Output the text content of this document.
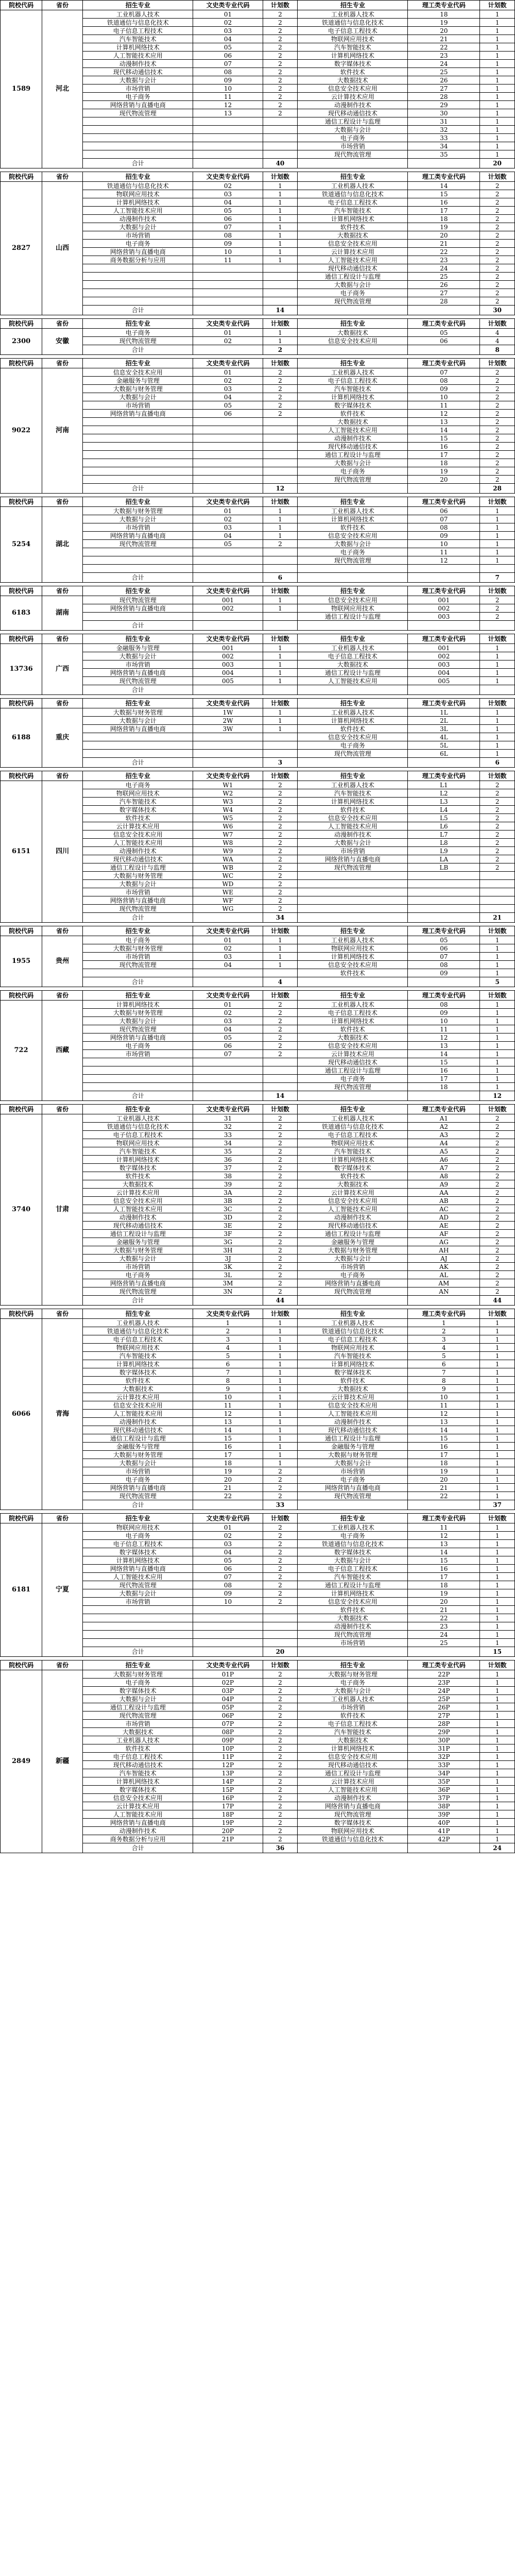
院校代码	省份	招生专业	文史类专业代码	计划数	招生专业	理工类专业代码	计划数
1589	河北	工业机器人技术	01	2	工业机器人技术	18	1
		铁道通信与信息化技术	02	2	铁道通信与信息化技术	19	1
		电子信息工程技术	03	2	电子信息工程技术	20	1
		汽车智能技术	04	2	物联网应用技术	21	1
		计算机网络技术	05	2	汽车智能技术	22	1
		人工智能技术应用	06	2	计算机网络技术	23	1
		动漫制作技术	07	2	数字媒体技术	24	1
		现代移动通信技术	08	2	软件技术	25	1
		大数据与会计	09	2	大数据技术	26	1
		市场营销	10	2	信息安全技术应用	27	1
		电子商务	11	2	云计算技术应用	28	1
		网络营销与直播电商	12	2	动漫制作技术	29	1
		现代物流管理	13	2	现代移动通信技术	30	1
					通信工程设计与监理	31	1
					大数据与会计	32	1
					电子商务	33	1
					市场营销	34	1
					现代物流管理	35	1
		合计		40			20
院校代码	省份	招生专业	文史类专业代码	计划数	招生专业	理工类专业代码	计划数
2827	山西	铁道通信与信息化技术	02	1	工业机器人技术	14	2
		物联网应用技术	03	1	铁道通信与信息化技术	15	2
		计算机网络技术	04	1	电子信息工程技术	16	2
		人工智能技术应用	05	1	汽车智能技术	17	2
		动漫制作技术	06	1	计算机网络技术	18	2
		大数据与会计	07	1	软件技术	19	2
		市场营销	08	1	大数据技术	20	2
		电子商务	09	1	信息安全技术应用	21	2
		网络营销与直播电商	10	1	云计算技术应用	22	2
		商务数据分析与应用	11	1	人工智能技术应用	23	2
					现代移动通信技术	24	2
					通信工程设计与监理	25	2
					大数据与会计	26	2
					电子商务	27	2
					现代物流管理	28	2
		合计		14			30
院校代码	省份	招生专业	文史类专业代码	计划数	招生专业	理工类专业代码	计划数
2300	安徽	电子商务	01	1	大数据技术	05	4
		现代物流管理	02	1	信息安全技术应用	06	4
		合计		2			8
院校代码	省份	招生专业	文史类专业代码	计划数	招生专业	理工类专业代码	计划数
9022	河南	信息安全技术应用	01	2	工业机器人技术	07	2
		金融服务与管理	02	2	电子信息工程技术	08	2
		大数据与财务管理	03	2	汽车智能技术	09	2
		大数据与会计	04	2	计算机网络技术	10	2
		市场营销	05	2	数字媒体技术	11	2
		网络营销与直播电商	06	2	软件技术	12	2
					大数据技术	13	2
					人工智能技术应用	14	2
					动漫制作技术	15	2
					现代移动通信技术	16	2
					通信工程设计与监理	17	2
					大数据与会计	18	2
					电子商务	19	2
					现代物流管理	20	2
		合计		12			28
院校代码	省份	招生专业	文史类专业代码	计划数	招生专业	理工类专业代码	计划数
5254	湖北	大数据与财务管理	01	1	工业机器人技术	06	1
		大数据与会计	02	1	计算机网络技术	07	1
		市场营销	03	1	软件技术	08	1
		网络营销与直播电商	04	1	信息安全技术应用	09	1
		现代物流管理	05	2	大数据与会计	10	1
					电子商务	11	1
					现代物流管理	12	1

		合计		6			7
院校代码	省份	招生专业	文史类专业代码	计划数	招生专业	理工类专业代码	计划数
6183	湖南	现代物流管理	001	1	信息安全技术应用	001	2
		网络营销与直播电商	002	1	物联网应用技术	002	2
					通信工程设计与监理	003	2
		合计					
院校代码	省份	招生专业	文史类专业代码	计划数	招生专业	理工类专业代码	计划数
13736	广西	金融服务与管理	001	1	工业机器人技术	001	1
		大数据与会计	002	1	电子信息工程技术	002	1
		市场营销	003	1	大数据技术	003	1
		网络营销与直播电商	004	1	通信工程设计与监理	004	1
		现代物流管理	005	1	人工智能技术应用	005	1
		合计					
院校代码	省份	招生专业	文史类专业代码	计划数	招生专业	理工类专业代码	计划数
6188	重庆	大数据与财务管理	1W	1	工业机器人技术	1L	1
		大数据与会计	2W	1	计算机网络技术	2L	1
		网络营销与直播电商	3W	1	软件技术	3L	1
					信息安全技术应用	4L	1
					电子商务	5L	1
					现代物流管理	6L	1
		合计		3			6
院校代码	省份	招生专业	文史类专业代码	计划数	招生专业	理工类专业代码	计划数
6151	四川	电子商务	W1	2	工业机器人技术	L1	2
		物联网应用技术	W2	2	汽车智能技术	L2	2
		汽车智能技术	W3	2	计算机网络技术	L3	2
		数字媒体技术	W4	2	软件技术	L4	2
		软件技术	W5	2	信息安全技术应用	L5	2
		云计算技术应用	W6	2	人工智能技术应用	L6	2
		信息安全技术应用	W7	2	动漫制作技术	L7	2
		人工智能技术应用	W8	2	大数据与会计	L8	2
		动漫制作技术	W9	2	市场营销	L9	2
		现代移动通信技术	WA	2	网络营销与直播电商	LA	2
		通信工程设计与监理	WB	2	现代物流管理	LB	2
		大数据与财务管理	WC	2			
		大数据与会计	WD	2			
		市场营销	WE	2			
		网络营销与直播电商	WF	2			
		现代物流管理	WG	2			
		合计		34			21
院校代码	省份	招生专业	文史类专业代码	计划数	招生专业	理工类专业代码	计划数
1955	贵州	电子商务	01	1	工业机器人技术	05	1
		大数据与财务管理	02	1	物联网应用技术	06	1
		市场营销	03	1	计算机网络技术	07	1
		现代物流管理	04	1	信息安全技术应用	08	1
					软件技术	09	1
		合计		4			5
院校代码	省份	招生专业	文史类专业代码	计划数	招生专业	理工类专业代码	计划数
722	西藏	计算机网络技术	01	2	工业机器人技术	08	1
		大数据与财务管理	02	2	电子信息工程技术	09	1
		大数据与会计	03	2	计算机网络技术	10	1
		现代物流管理	04	2	软件技术	11	1
		网络营销与直播电商	05	2	大数据技术	12	1
		电子商务	06	2	信息安全技术应用	13	1
		市场营销	07	2	云计算技术应用	14	1
					现代移动通信技术	15	1
					通信工程设计与监理	16	1
					电子商务	17	1
					现代物流管理	18	1
		合计		14			12
院校代码	省份	招生专业	文史类专业代码	计划数	招生专业	理工类专业代码	计划数
3740	甘肃	工业机器人技术	31	2	工业机器人技术	A1	2
		铁道通信与信息化技术	32	2	铁道通信与信息化技术	A2	2
		电子信息工程技术	33	2	电子信息工程技术	A3	2
		物联网应用技术	34	2	物联网应用技术	A4	2
		汽车智能技术	35	2	汽车智能技术	A5	2
		计算机网络技术	36	2	计算机网络技术	A6	2
		数字媒体技术	37	2	数字媒体技术	A7	2
		软件技术	38	2	软件技术	A8	2
		大数据技术	39	2	大数据技术	A9	2
		云计算技术应用	3A	2	云计算技术应用	AA	2
		信息安全技术应用	3B	2	信息安全技术应用	AB	2
		人工智能技术应用	3C	2	人工智能技术应用	AC	2
		动漫制作技术	3D	2	动漫制作技术	AD	2
		现代移动通信技术	3E	2	现代移动通信技术	AE	2
		通信工程设计与监理	3F	2	通信工程设计与监理	AF	2
		金融服务与管理	3G	2	金融服务与管理	AG	2
		大数据与财务管理	3H	2	大数据与财务管理	AH	2
		大数据与会计	3J	2	大数据与会计	AJ	2
		市场营销	3K	2	市场营销	AK	2
		电子商务	3L	2	电子商务	AL	2
		网络营销与直播电商	3M	2	网络营销与直播电商	AM	2
		现代物流管理	3N	2	现代物流管理	AN	2
		合计		44			44
院校代码	省份	招生专业	文史类专业代码	计划数	招生专业	理工类专业代码	计划数
6066	青海	工业机器人技术	1	1	工业机器人技术	1	1
		铁道通信与信息化技术	2	1	铁道通信与信息化技术	2	1
		电子信息工程技术	3	1	电子信息工程技术	3	1
		物联网应用技术	4	1	物联网应用技术	4	1
		汽车智能技术	5	1	汽车智能技术	5	1
		计算机网络技术	6	1	计算机网络技术	6	1
		数字媒体技术	7	1	数字媒体技术	7	1
		软件技术	8	1	软件技术	8	1
		大数据技术	9	1	大数据技术	9	1
		云计算技术应用	10	1	云计算技术应用	10	1
		信息安全技术应用	11	1	信息安全技术应用	11	1
		人工智能技术应用	12	1	人工智能技术应用	12	1
		动漫制作技术	13	1	动漫制作技术	13	1
		现代移动通信技术	14	1	现代移动通信技术	14	1
		通信工程设计与监理	15	1	通信工程设计与监理	15	1
		金融服务与管理	16	1	金融服务与管理	16	1
		大数据与财务管理	17	1	大数据与财务管理	17	1
		大数据与会计	18	1	大数据与会计	18	1
		市场营销	19	2	市场营销	19	1
		电子商务	20	2	电子商务	20	1
		网络营销与直播电商	21	2	网络营销与直播电商	21	1
		现代物流管理	22	2	现代物流管理	22	1
		合计		33			37
院校代码	省份	招生专业	文史类专业代码	计划数	招生专业	理工类专业代码	计划数
6181	宁夏	物联网应用技术	01	2	工业机器人技术	11	1
		电子商务	02	2	电子商务	12	1
		电子信息工程技术	03	2	铁道通信与信息化技术	13	1
		数字媒体技术	04	2	数字媒体技术	14	1
		计算机网络技术	05	2	大数据与会计	15	1
		网络营销与直播电商	06	2	电子信息工程技术	16	1
		人工智能技术应用	07	2	汽车智能技术	17	1
		现代物流管理	08	2	通信工程设计与监理	18	1
		大数据与会计	09	2	计算机网络技术	19	1
		市场营销	10	2	信息安全技术应用	20	1
					软件技术	21	1
					大数据技术	22	1
					动漫制作技术	23	1
					现代物流管理	24	1
					市场营销	25	1
		合计		20			15
院校代码	省份	招生专业	文史类专业代码	计划数	招生专业	理工类专业代码	计划数
2849	新疆	大数据与财务管理	01P	2	大数据与财务管理	22P	1
		电子商务	02P	2	电子商务	23P	1
		数字媒体技术	03P	2	大数据与会计	24P	1
		大数据与会计	04P	2	工业机器人技术	25P	1
		通信工程设计与监理	05P	2	市场营销	26P	1
		现代物流管理	06P	2	软件技术	27P	1
		市场营销	07P	2	电子信息工程技术	28P	1
		大数据技术	08P	2	汽车智能技术	29P	1
		工业机器人技术	09P	2	大数据技术	30P	1
		软件技术	10P	2	计算机网络技术	31P	1
		电子信息工程技术	11P	2	信息安全技术应用	32P	1
		现代移动通信技术	12P	2	现代移动通信技术	33P	1
		汽车智能技术	13P	2	通信工程设计与监理	34P	1
		计算机网络技术	14P	2	云计算技术应用	35P	1
		数字媒体技术	15P	2	人工智能技术应用	36P	1
		信息安全技术应用	16P	2	动漫制作技术	37P	1
		云计算技术应用	17P	2	网络营销与直播电商	38P	1
		人工智能技术应用	18P	2	现代物流管理	39P	1
		网络营销与直播电商	19P	2	数字媒体技术	40P	1
		动漫制作技术	20P	2	物联网应用技术	41P	1
		商务数据分析与应用	21P	2	铁道通信与信息化技术	42P	1
		合计		36			24
